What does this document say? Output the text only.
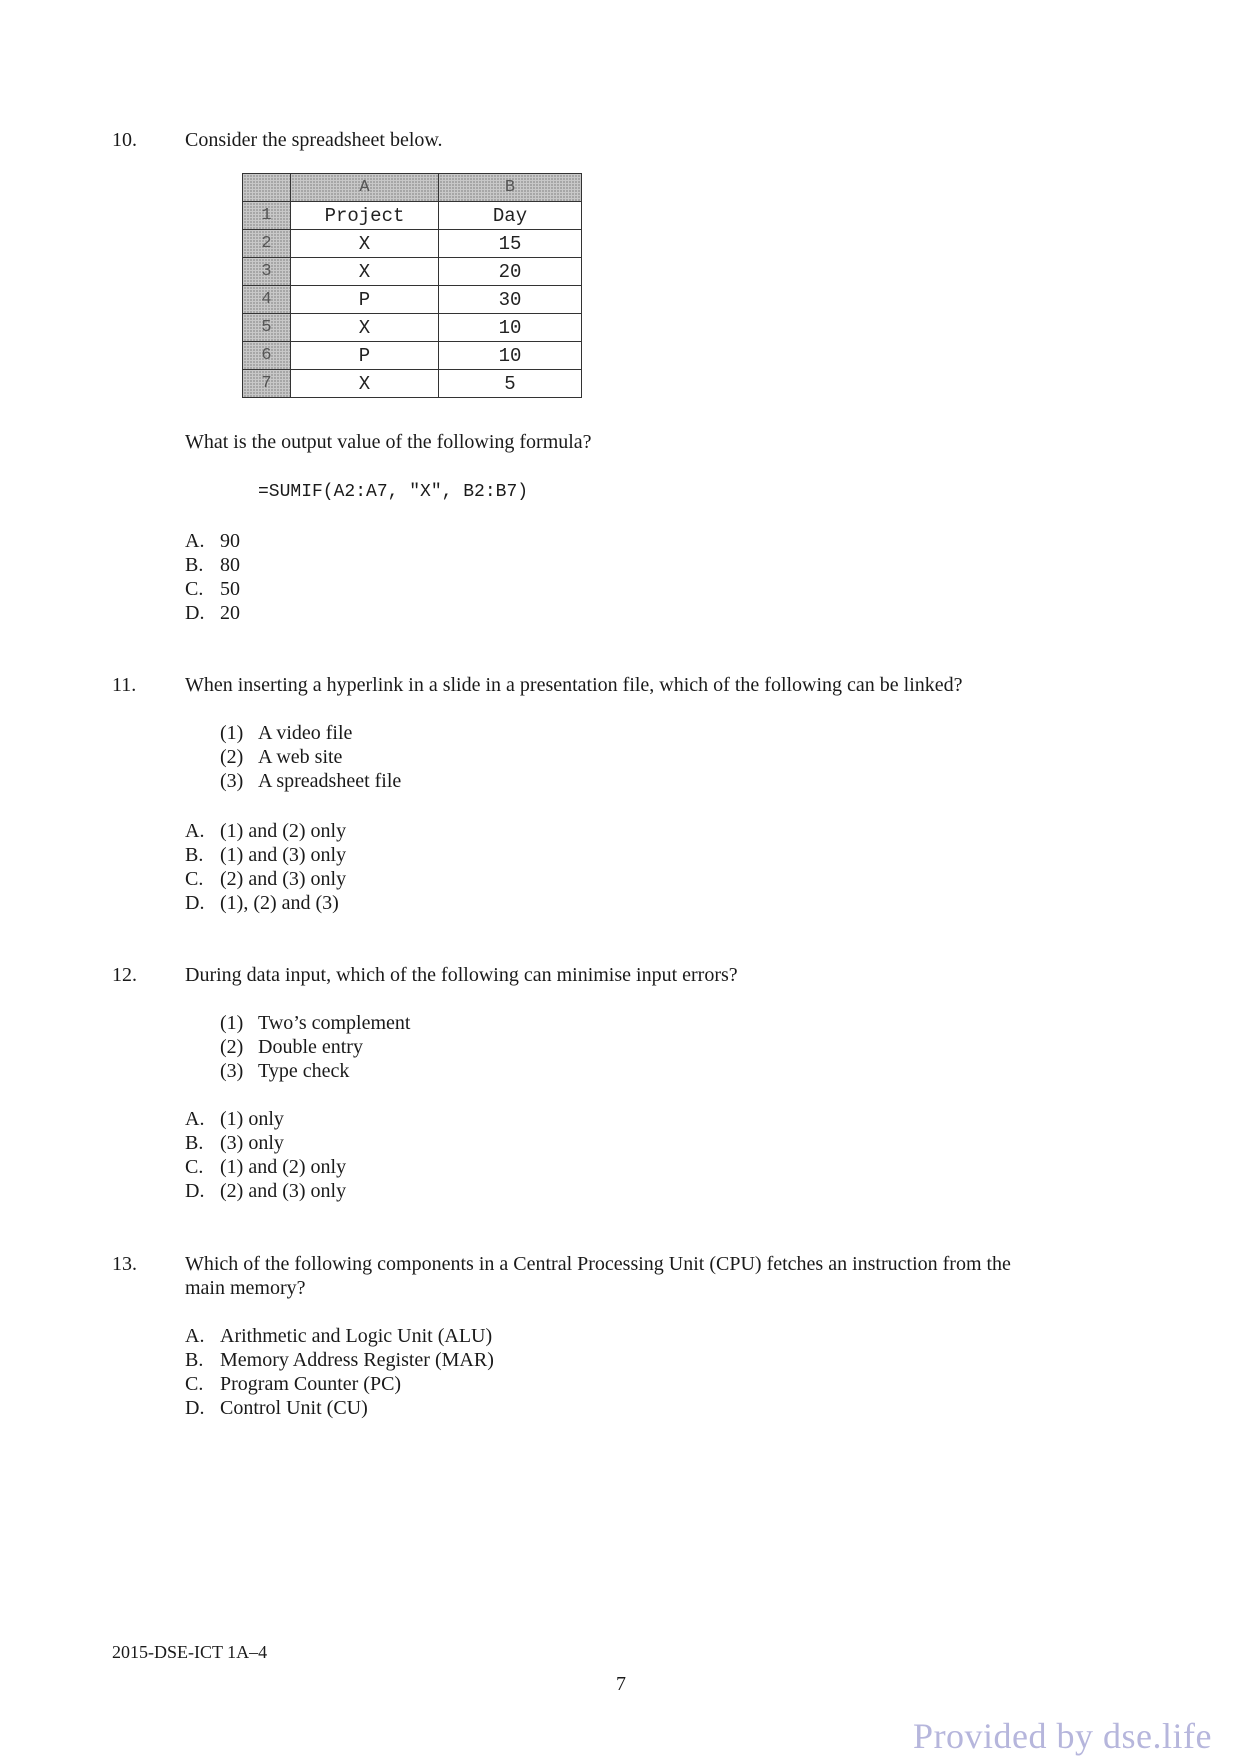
10. Consider the spreadsheet below.
	A	B
1	Project	Day
2	X	15
3	X	20
4	P	30
5	X	10
6	P	10
7	X	5
What is the output value of the following formula?
=SUMIF(A2:A7, "X", B2:B7)
A. 90
B. 80
C. 50
D. 20
11. When inserting a hyperlink in a slide in a presentation file, which of the following can be linked?
(1) A video file
(2) A web site
(3) A spreadsheet file
A. (1) and (2) only
B. (1) and (3) only
C. (2) and (3) only
D. (1), (2) and (3)
12. During data input, which of the following can minimise input errors?
(1) Two’s complement
(2) Double entry
(3) Type check
A. (1) only
B. (3) only
C. (1) and (2) only
D. (2) and (3) only
13. Which of the following components in a Central Processing Unit (CPU) fetches an instruction from the
main memory?
A. Arithmetic and Logic Unit (ALU)
B. Memory Address Register (MAR)
C. Program Counter (PC)
D. Control Unit (CU)
2015-DSE-ICT 1A–4
7
Provided by dse.life
